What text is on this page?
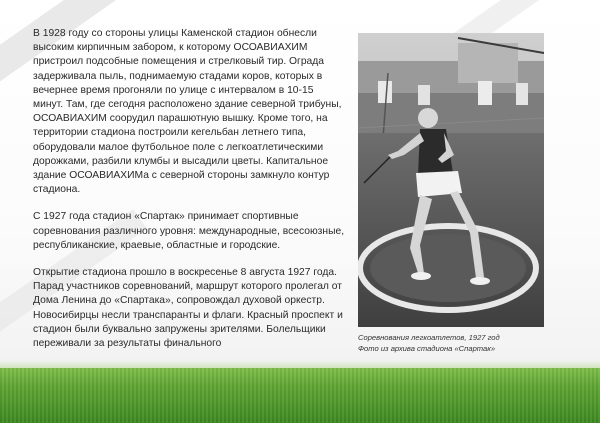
В 1928 году со стороны улицы Каменской стадион обнесли высоким кирпичным забором, к которому ОСОАВИАХИМ пристроил подсобные помещения и стрелковый тир. Ограда задерживала пыль, поднимаемую стадами коров, которых в вечернее время прогоняли по улице с интервалом в 10-15 минут. Там, где сегодня расположено здание северной трибуны, ОСОАВИАХИМ соорудил парашютную вышку. Кроме того, на территории стадиона построили кегельбан летнего типа, оборудовали малое футбольное поле с легкоатлетическими дорожками, разбили клумбы и высадили цветы. Капитальное здание ОСОАВИАХИМа с северной стороны замкнуло контур стадиона.

С 1927 года стадион «Спартак» принимает спортивные соревнования различного уровня: международные, всесоюзные, республиканские, краевые, областные и городские.

Открытие стадиона прошло в воскресенье 8 августа 1927 года. Парад участников соревнований, маршрут которого пролегал от Дома Ленина до «Спартака», сопровождал духовой оркестр. Новосибирцы несли транспаранты и флаги. Красный проспект и стадион были буквально запружены зрителями. Болельщики переживали за результаты финального

Соревнования легкоатлетов, 1927 год
Фото из архива стадиона «Спартак»
